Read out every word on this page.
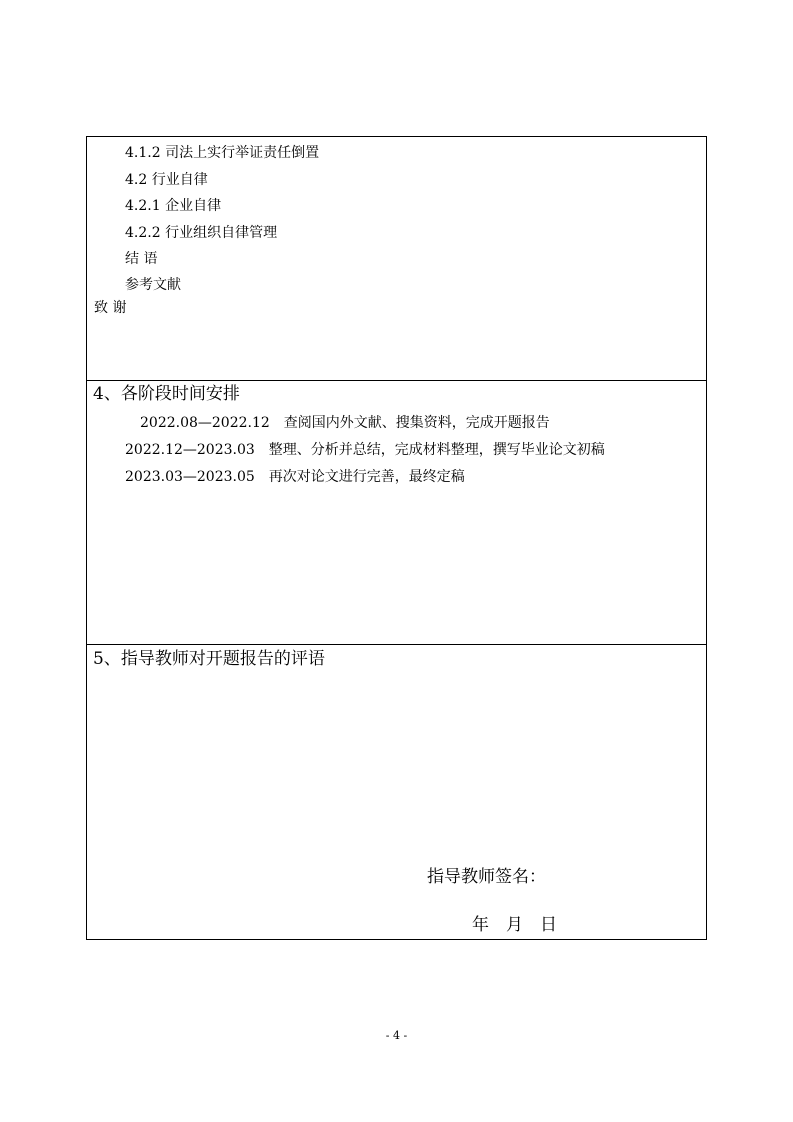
4.1.2 司法上实行举证责任倒置
4.2 行业自律
4.2.1 企业自律
4.2.2 行业组织自律管理
结 语
参考文献
致 谢
4、各阶段时间安排
2022.08—2022.12　查阅国内外文献、搜集资料，完成开题报告
2022.12—2023.03　整理、分析并总结，完成材料整理，撰写毕业论文初稿
2023.03—2023.05　再次对论文进行完善，最终定稿
5、指导教师对开题报告的评语
指导教师签名：
年　月　日
- 4 -
